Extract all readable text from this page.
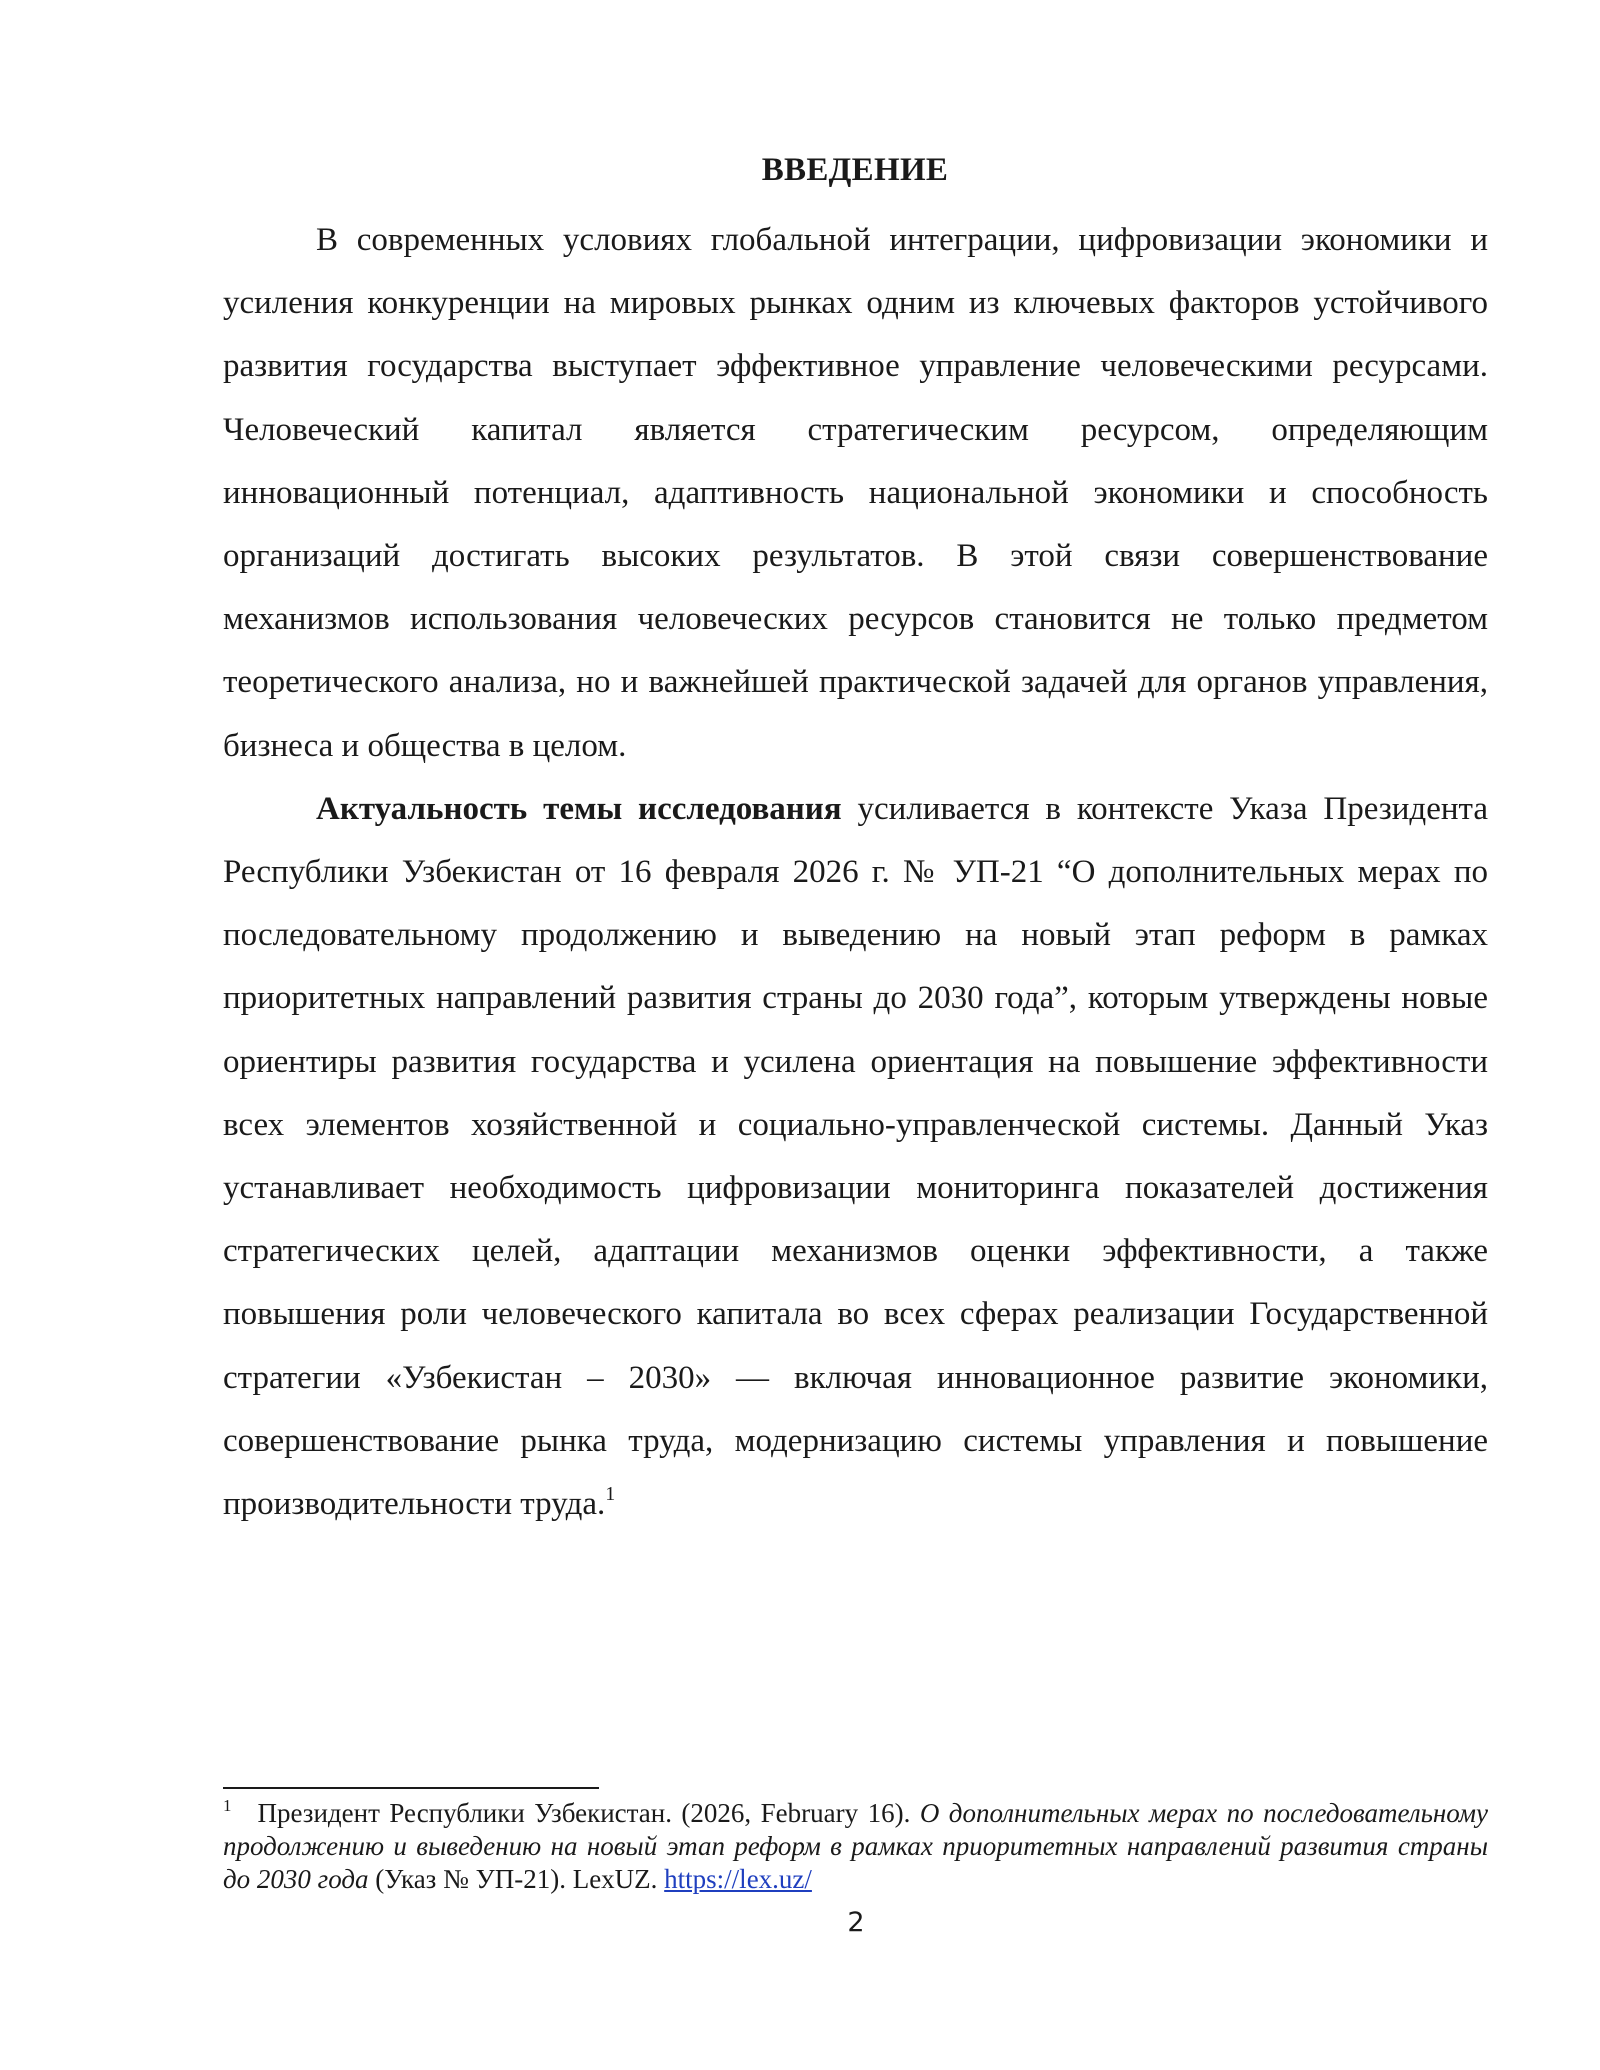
ВВЕДЕНИЕ

В современных условиях глобальной интеграции, цифровизации экономики и усиления конкуренции на мировых рынках одним из ключевых факторов устойчивого развития государства выступает эффективное управление человеческими ресурсами. Человеческий капитал является стратегическим ресурсом, определяющим инновационный потенциал, адаптивность национальной экономики и способность организаций достигать высоких результатов. В этой связи совершенствование механизмов использования человеческих ресурсов становится не только предметом теоретического анализа, но и важнейшей практической задачей для органов управления, бизнеса и общества в целом.

Актуальность темы исследования усиливается в контексте Указа Президента Республики Узбекистан от 16 февраля 2026 г. № УП-21 “О дополнительных мерах по последовательному продолжению и выведению на новый этап реформ в рамках приоритетных направлений развития страны до 2030 года”, которым утверждены новые ориентиры развития государства и усилена ориентация на повышение эффективности всех элементов хозяйственной и социально-управленческой системы. Данный Указ устанавливает необходимость цифровизации мониторинга показателей достижения стратегических целей, адаптации механизмов оценки эффективности, а также повышения роли человеческого капитала во всех сферах реализации Государственной стратегии «Узбекистан – 2030» — включая инновационное развитие экономики, совершенствование рынка труда, модернизацию системы управления и повышение производительности труда.$^1$

$^1$ Президент Республики Узбекистан. (2026, February 16). О дополнительных мерах по последовательному продолжению и выведению на новый этап реформ в рамках приоритетных направлений развития страны до 2030 года (Указ № УП-21). LexUZ. https://lex.uz/
2
